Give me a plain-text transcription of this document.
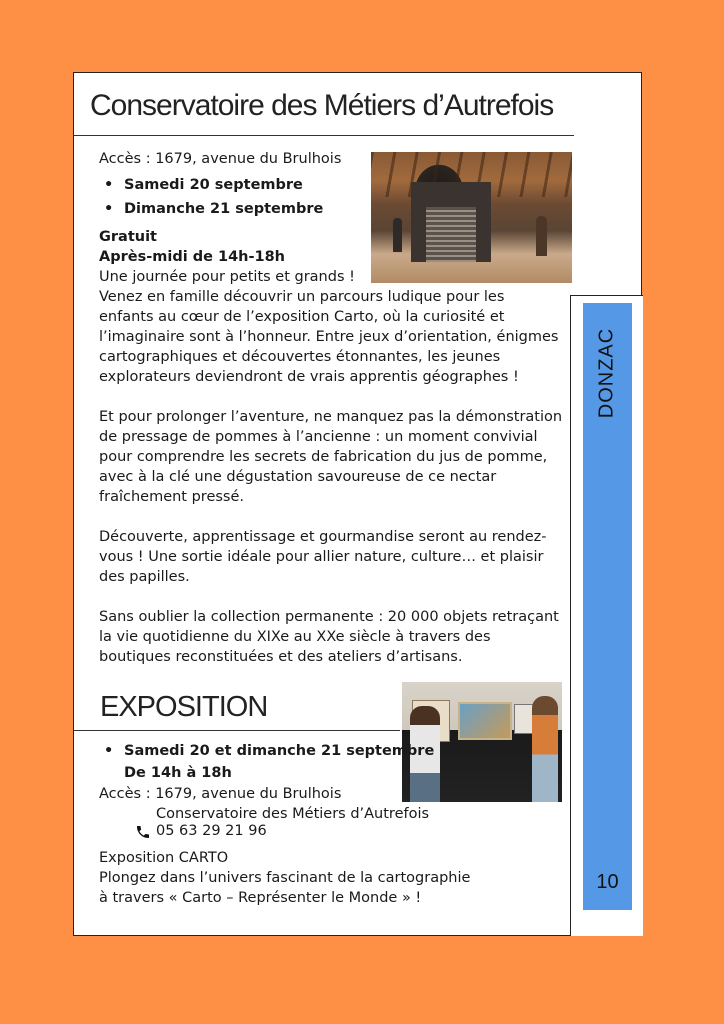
Conservatoire des Métiers d’Autrefois
Accès : 1679, avenue du Brulhois
• Samedi 20 septembre
• Dimanche 21 septembre
Gratuit
Après-midi de 14h-18h
Une journée pour petits et grands !
Venez en famille découvrir un parcours ludique pour les
enfants au cœur de l’exposition Carto, où la curiosité et
l’imaginaire sont à l’honneur. Entre jeux d’orientation, énigmes
cartographiques et découvertes étonnantes, les jeunes
explorateurs deviendront de vrais apprentis géographes !
Et pour prolonger l’aventure, ne manquez pas la démonstration
de pressage de pommes à l’ancienne : un moment convivial
pour comprendre les secrets de fabrication du jus de pomme,
avec à la clé une dégustation savoureuse de ce nectar
fraîchement pressé.
Découverte, apprentissage et gourmandise seront au rendez-
vous ! Une sortie idéale pour allier nature, culture… et plaisir
des papilles.
Sans oublier la collection permanente : 20 000 objets retraçant
la vie quotidienne du XIXe au XXe siècle à travers des
boutiques reconstituées et des ateliers d’artisans.
DONZAC
10
EXPOSITION
• Samedi 20 et dimanche 21 septembre
De 14h à 18h
Accès : 1679, avenue du Brulhois
Conservatoire des Métiers d’Autrefois
05 63 29 21 96
Exposition CARTO
Plongez dans l’univers fascinant de la cartographie
à travers « Carto – Représenter le Monde » !
